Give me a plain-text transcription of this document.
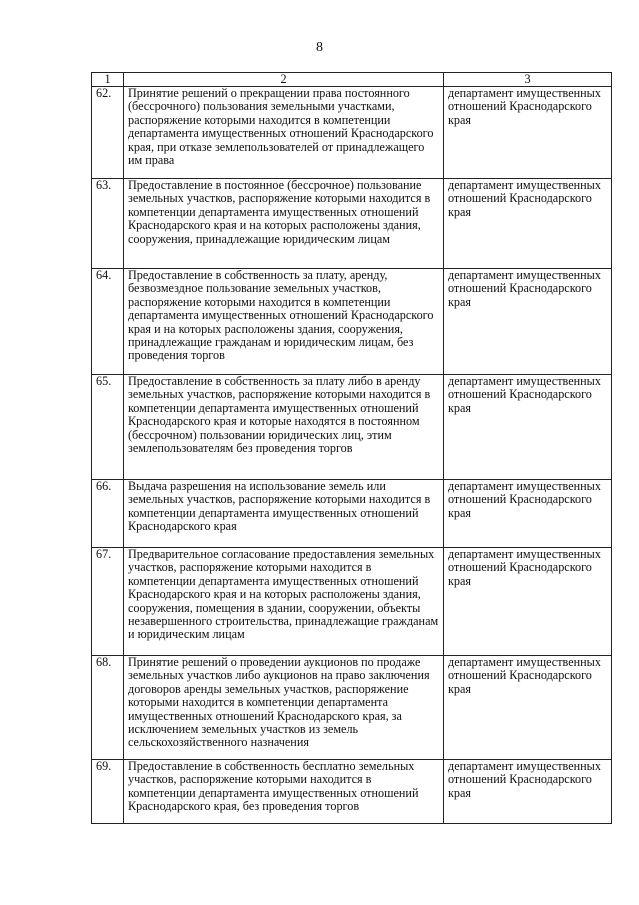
8
1	2	3
62.	Принятие решений о прекращении права постоянного (бессрочного) пользования земельными участками, распоряжение которыми находится в компетенции департамента имущественных отношений Краснодарского края, при отказе землепользователей от принадлежащего им права	департамент имущественных отношений Краснодарского края
63.	Предоставление в постоянное (бессрочное) пользование земельных участков, распоряжение которыми находится в компетенции департамента имущественных отношений Краснодарского края и на которых расположены здания, сооружения, принадлежащие юридическим лицам	департамент имущественных отношений Краснодарского края
64.	Предоставление в собственность за плату, аренду, безвозмездное пользование земельных участков, распоряжение которыми находится в компетенции департамента имущественных отношений Краснодарского края и на которых расположены здания, сооружения, принадлежащие гражданам и юридическим лицам, без проведения торгов	департамент имущественных отношений Краснодарского края
65.	Предоставление в собственность за плату либо в аренду земельных участков, распоряжение которыми находится в компетенции департамента имущественных отношений Краснодарского края и которые находятся в постоянном (бессрочном) пользовании юридических лиц, этим землепользователям без проведения торгов	департамент имущественных отношений Краснодарского края
66.	Выдача разрешения на использование земель или земельных участков, распоряжение которыми находится в компетенции департамента имущественных отношений Краснодарского края	департамент имущественных отношений Краснодарского края
67.	Предварительное согласование предоставления земельных участков, распоряжение которыми находится в компетенции департамента имущественных отношений Краснодарского края и на которых расположены здания, сооружения, помещения в здании, сооружении, объекты незавершенного строительства, принадлежащие гражданам и юридическим лицам	департамент имущественных отношений Краснодарского края
68.	Принятие решений о проведении аукционов по продаже земельных участков либо аукционов на право заключения договоров аренды земельных участков, распоряжение которыми находится в компетенции департамента имущественных отношений Краснодарского края, за исключением земельных участков из земель сельскохозяйственного назначения	департамент имущественных отношений Краснодарского края
69.	Предоставление в собственность бесплатно земельных участков, распоряжение которыми находится в компетенции департамента имущественных отношений Краснодарского края, без проведения торгов	департамент имущественных отношений Краснодарского края
